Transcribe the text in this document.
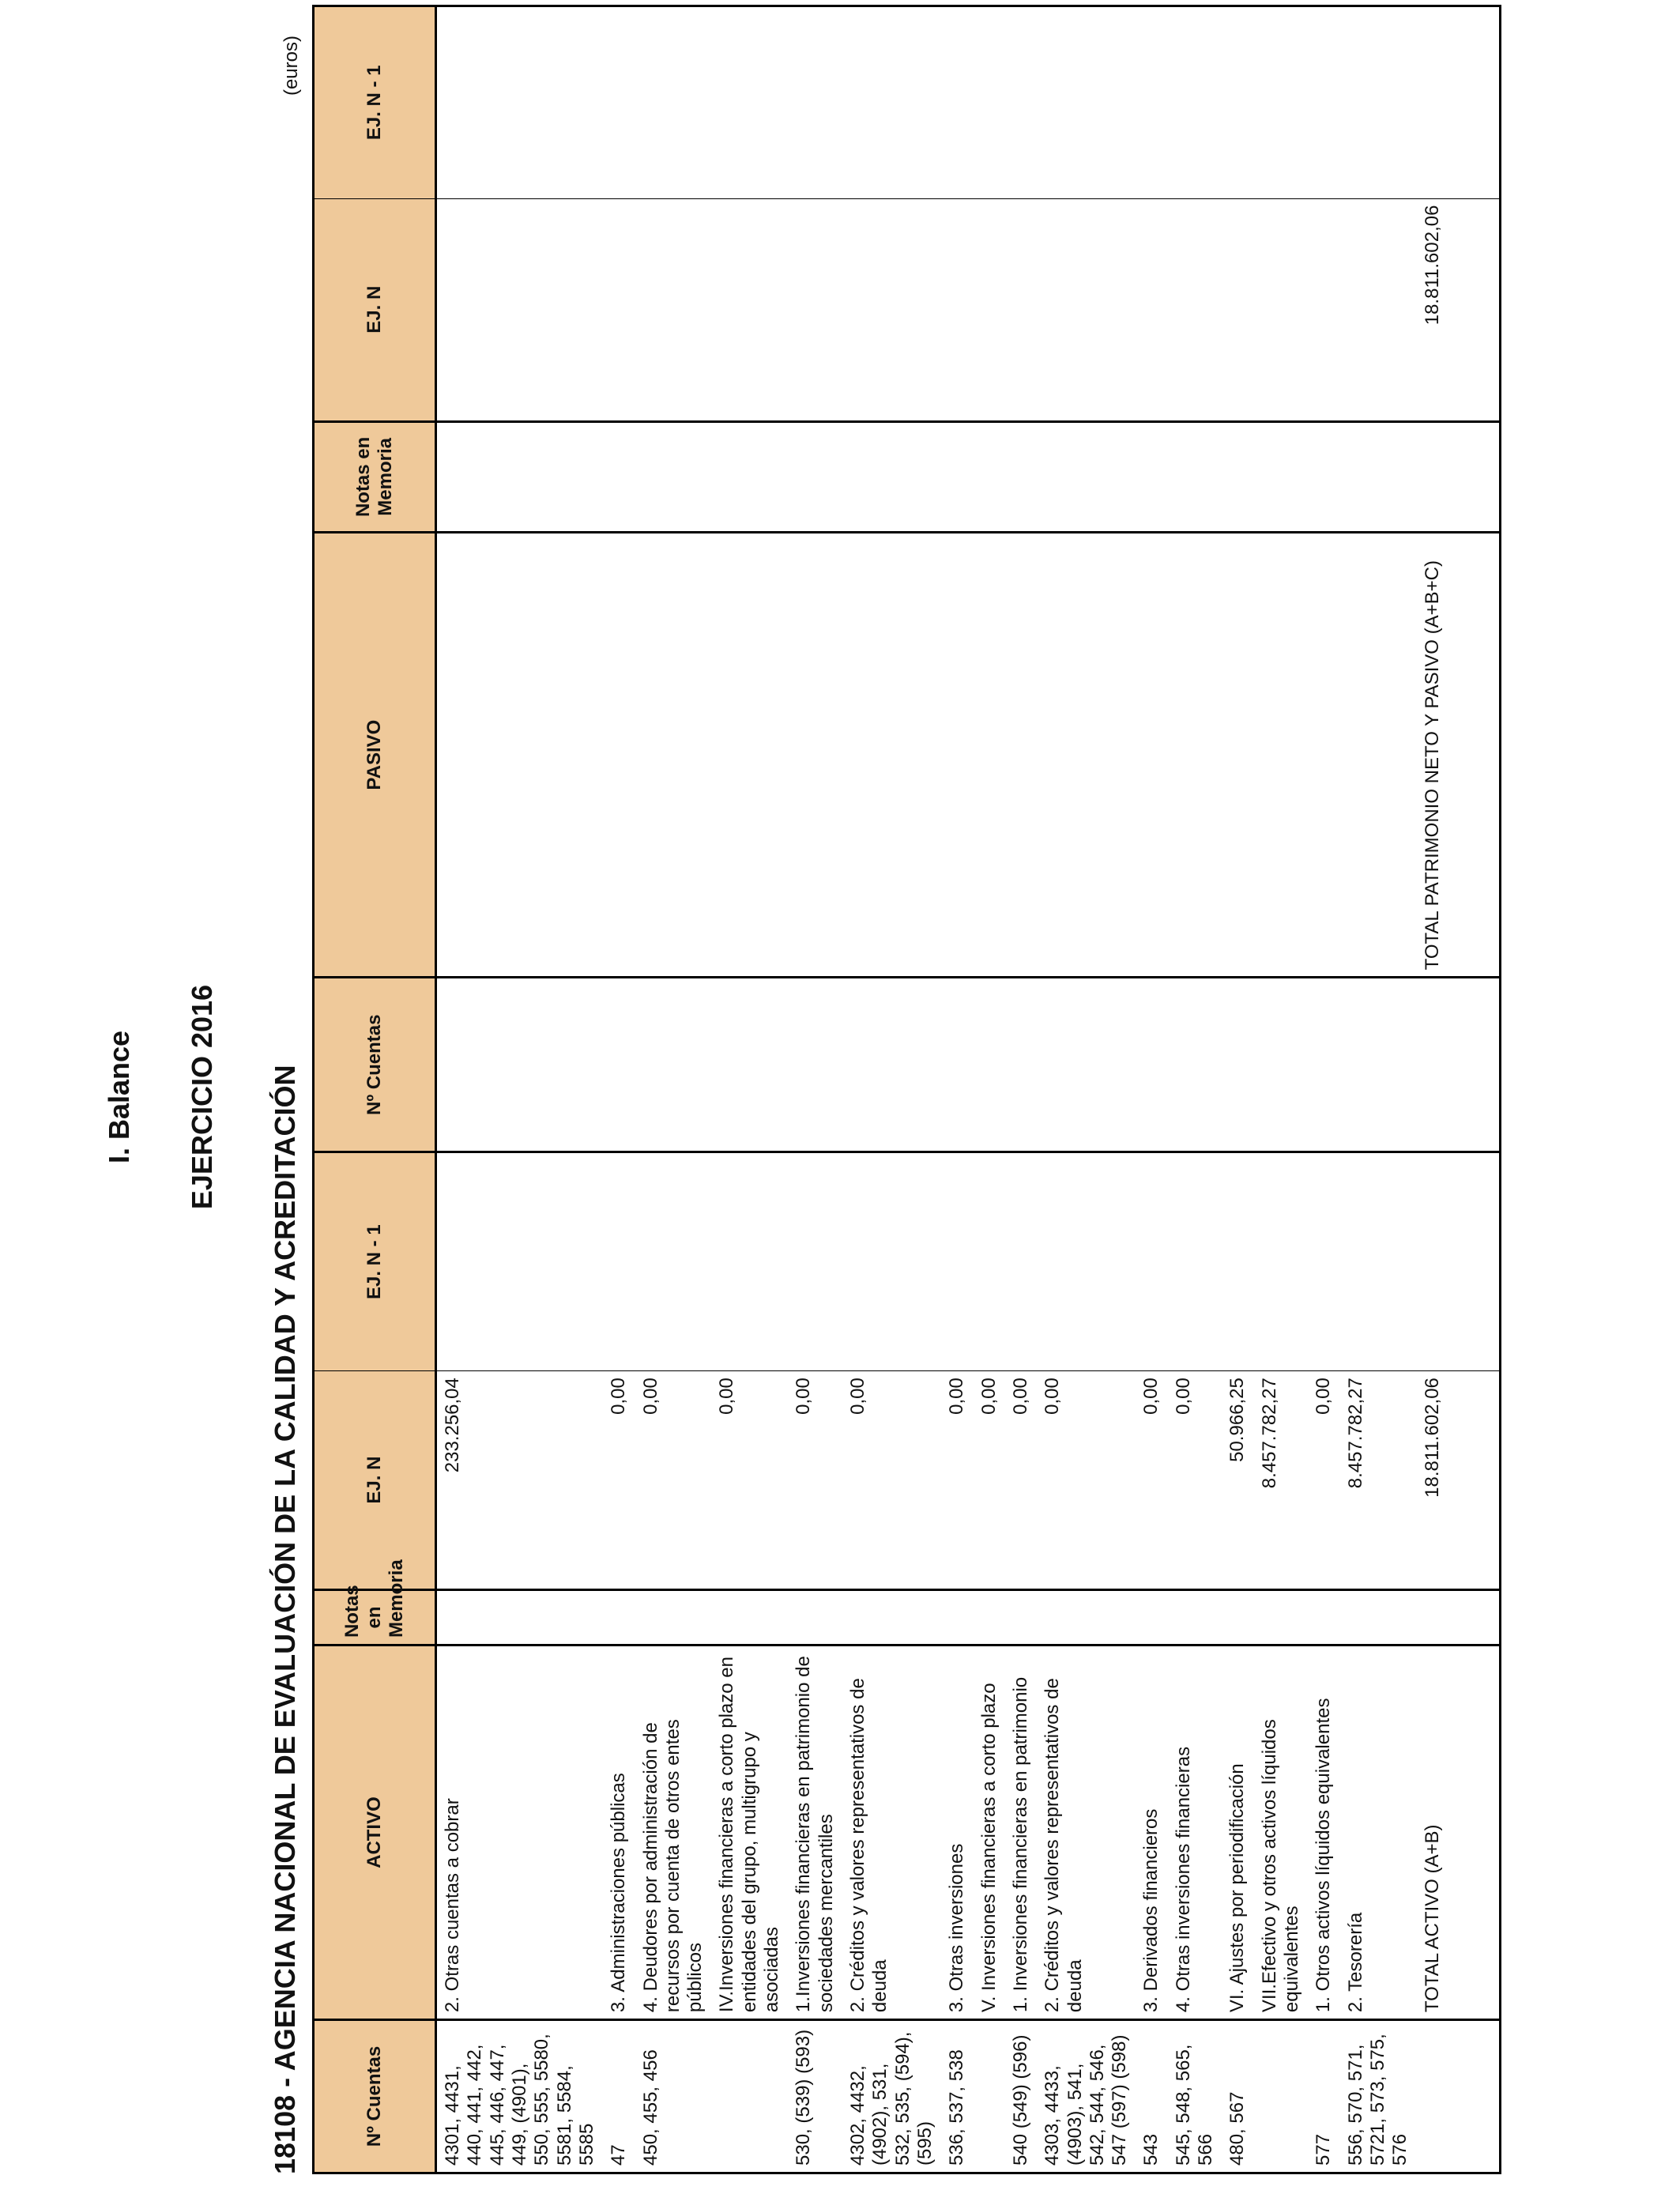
I. Balance EJERCICIO 2016 18108 - AGENCIA NACIONAL DE EVALUACIÓN DE LA CALIDAD Y ACREDITACIÓN
(euros)
Nº Cuentas	ACTIVO	Notas en Memoria	EJ. N	EJ. N - 1	Nº Cuentas	PASIVO	Notas en Memoria	EJ. N	EJ. N - 1
4301, 4431, 440, 441, 442, 445, 446, 447, 449, (4901), 550, 555, 5580, 5581, 5584, 5585	2. Otras cuentas a cobrar		233.256,04						
47	3. Administraciones públicas		0,00						
450, 455, 456	4. Deudores por administración de recursos por cuenta de otros entes públicos		0,00						
	IV.Inversiones financieras a corto plazo en entidades del grupo, multigrupo y asociadas		0,00						
530, (539) (593)	1.Inversiones financieras en patrimonio de sociedades mercantiles		0,00						
4302, 4432, (4902), 531, 532, 535, (594), (595)	2. Créditos y valores representativos de deuda		0,00						
536, 537, 538	3. Otras inversiones		0,00						
	V. Inversiones financieras a corto plazo		0,00						
540 (549) (596)	1. Inversiones financieras en patrimonio		0,00						
4303, 4433, (4903), 541, 542, 544, 546, 547 (597) (598)	2. Créditos y valores representativos de deuda		0,00						
543	3. Derivados financieros		0,00						
545, 548, 565, 566	4. Otras inversiones financieras		0,00						
480, 567	VI. Ajustes por periodificación		50.966,25						
	VII.Efectivo y otros activos líquidos equivalentes		8.457.782,27						
577	1. Otros activos líquidos equivalentes		0,00						
556, 570, 571, 5721, 573, 575, 576	2. Tesorería		8.457.782,27						
	TOTAL ACTIVO (A+B)		18.811.602,06			TOTAL PATRIMONIO NETO Y PASIVO (A+B+C)		18.811.602,06	
